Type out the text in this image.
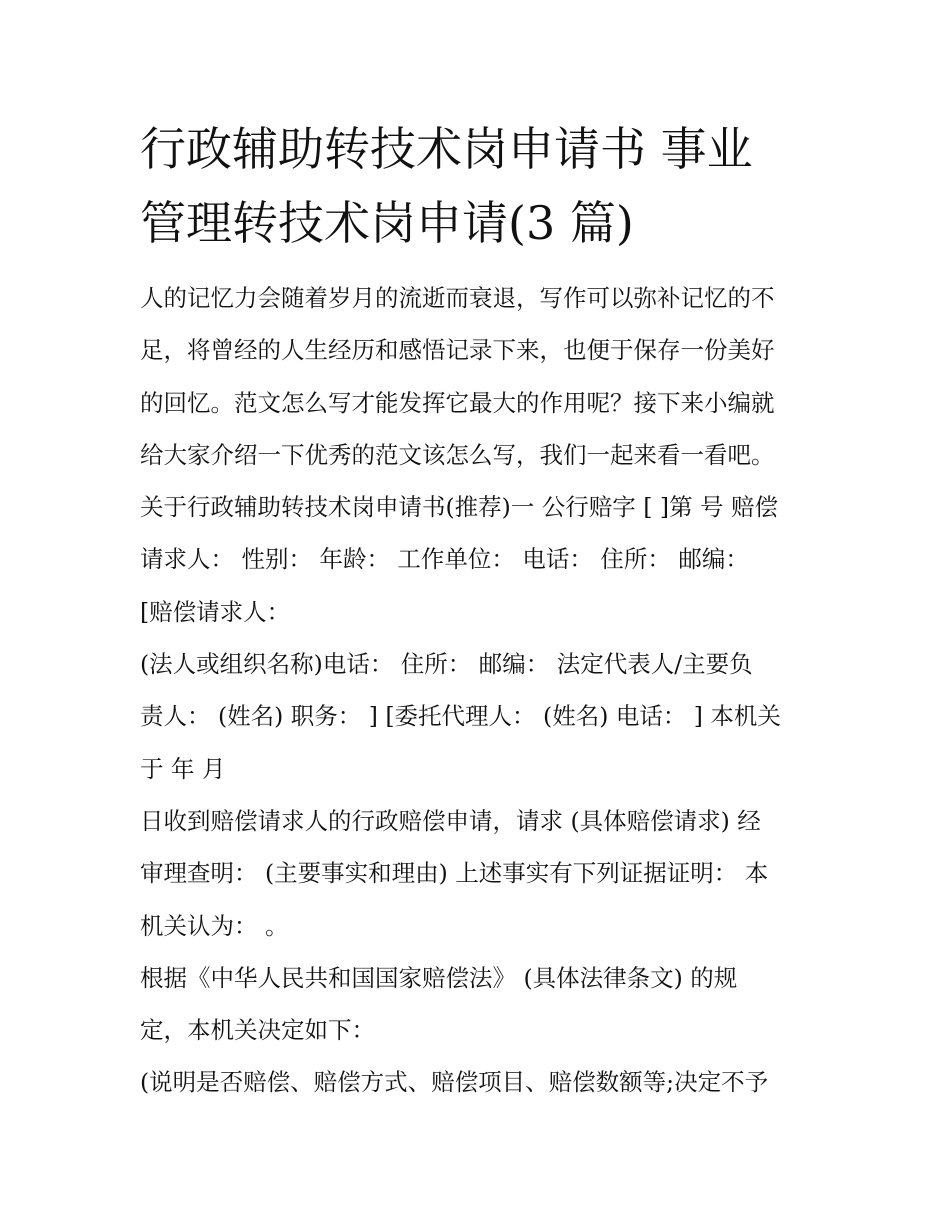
行政辅助转技术岗申请书 事业
管理转技术岗申请(3 篇)
人的记忆力会随着岁月的流逝而衰退，写作可以弥补记忆的不
足，将曾经的人生经历和感悟记录下来，也便于保存一份美好
的回忆。范文怎么写才能发挥它最大的作用呢？接下来小编就
给大家介绍一下优秀的范文该怎么写，我们一起来看一看吧。
关于行政辅助转技术岗申请书(推荐)一 公行赔字 [ ]第 号 赔偿
请求人： 性别： 年龄： 工作单位： 电话： 住所： 邮编：
[赔偿请求人：
(法人或组织名称)电话： 住所： 邮编： 法定代表人/主要负
责人： (姓名) 职务： ] [委托代理人： (姓名) 电话： ] 本机关
于 年 月
日收到赔偿请求人的行政赔偿申请，请求 (具体赔偿请求) 经
审理查明： (主要事实和理由) 上述事实有下列证据证明： 本
机关认为： 。
根据《中华人民共和国国家赔偿法》 (具体法律条文) 的规
定，本机关决定如下：
(说明是否赔偿、赔偿方式、赔偿项目、赔偿数额等;决定不予
